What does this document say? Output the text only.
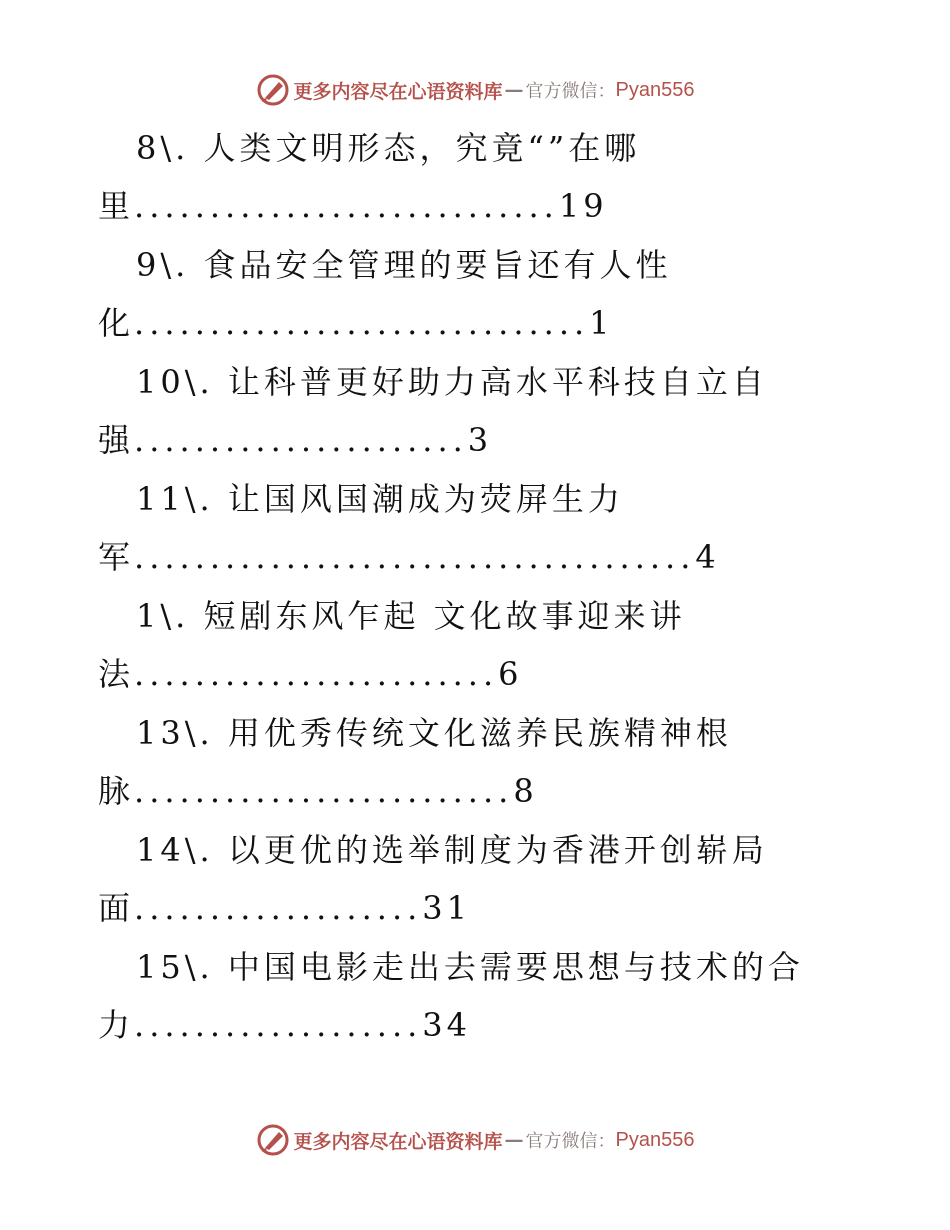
更多内容尽在心语资料库 — 官方微信： Pyan556
8\. 人类文明形态，究竟“”在哪
里............................19
9\. 食品安全管理的要旨还有人性
化..............................1
10\. 让科普更好助力高水平科技自立自
强......................3
11\. 让国风国潮成为荧屏生力
军.....................................4
1\. 短剧东风乍起 文化故事迎来讲
法........................6
13\. 用优秀传统文化滋养民族精神根
脉.........................8
14\. 以更优的选举制度为香港开创崭局
面...................31
15\. 中国电影走出去需要思想与技术的合
力...................34
更多内容尽在心语资料库 — 官方微信： Pyan556
